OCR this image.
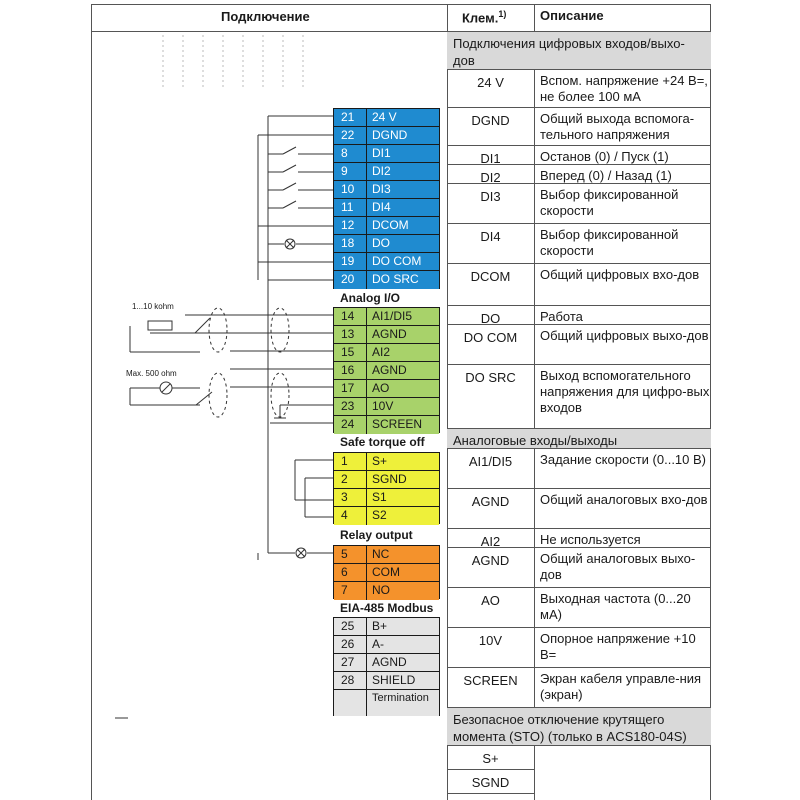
Подключение	Клем.$^{1)}$	Описание
1...10 kohm
Max. 500 ohm
21	24 V
22	DGND
8	DI1
9	DI2
10	DI3
11	DI4
12	DCOM
18	DO
19	DO COM
20	DO SRC
Analog I/O
14	AI1/DI5
13	AGND
15	AI2
16	AGND
17	AO
23	10V
24	SCREEN
Safe torque off
1	S+
2	SGND
3	S1
4	S2
Relay output
5	NC
6	COM
7	NO
EIA-485 Modbus
25	B+
26	A-
27	AGND
28	SHIELD
Termination
Подключения цифровых входов/выхо-дов
Аналоговые входы/выходы
Безопасное отключение крутящего момента (STO) (только в ACS180-04S)
24 V	Вспом. напряжение +24 В=, не более 100 мА
DGND	Общий выхода вспомога-тельного напряжения
DI1	Останов (0) / Пуск (1)
DI2	Вперед (0) / Назад (1)
DI3	Выбор фиксированной скорости
DI4	Выбор фиксированной скорости
DCOM	Общий цифровых вхо-дов
DO	Работа
DO COM	Общий цифровых выхо-дов
DO SRC	Выход вспомогательного напряжения для цифро-вых входов
AI1/DI5	Задание скорости (0...10 В)
AGND	Общий аналоговых вхо-дов
AI2	Не используется
AGND	Общий аналоговых выхо-дов
AO	Выходная частота (0...20 мА)
10V	Опорное напряжение +10 В=
SCREEN	Экран кабеля управле-ния (экран)
S+
SGND
